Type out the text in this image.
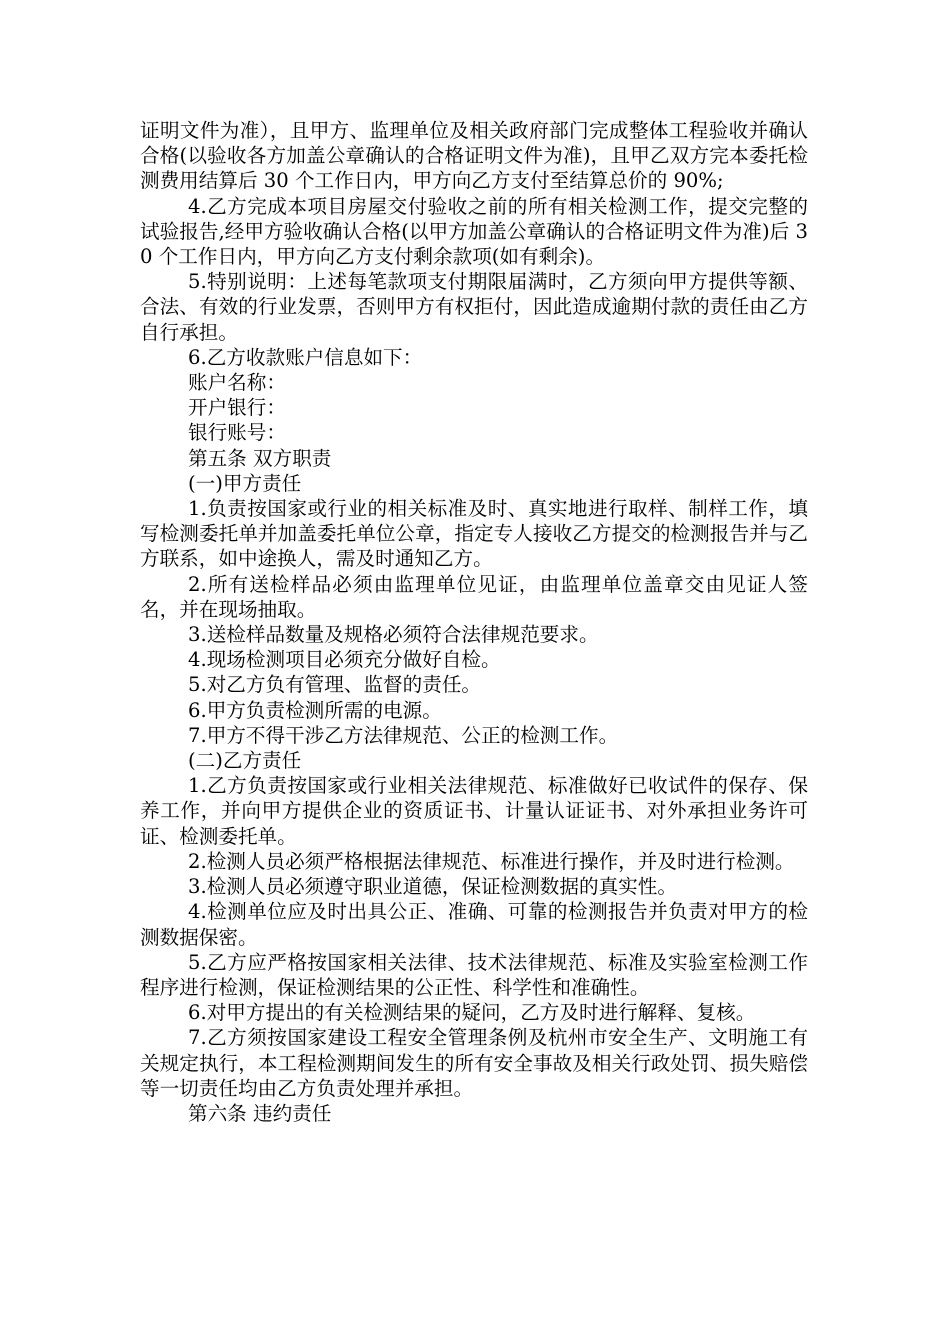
证明文件为准），且甲方、监理单位及相关政府部门完成整体工程验收并确认合格(以验收各方加盖公章确认的合格证明文件为准)，且甲乙双方完本委托检测费用结算后 30 个工作日内，甲方向乙方支付至结算总价的 90%;

4.乙方完成本项目房屋交付验收之前的所有相关检测工作，提交完整的试验报告,经甲方验收确认合格(以甲方加盖公章确认的合格证明文件为准)后 30 个工作日内，甲方向乙方支付剩余款项(如有剩余)。

5.特别说明：上述每笔款项支付期限届满时，乙方须向甲方提供等额、合法、有效的行业发票，否则甲方有权拒付，因此造成逾期付款的责任由乙方自行承担。

6.乙方收款账户信息如下：

账户名称：

开户银行：

银行账号：

第五条 双方职责

(一)甲方责任

1.负责按国家或行业的相关标准及时、真实地进行取样、制样工作，填写检测委托单并加盖委托单位公章，指定专人接收乙方提交的检测报告并与乙方联系，如中途换人，需及时通知乙方。

2.所有送检样品必须由监理单位见证，由监理单位盖章交由见证人签名，并在现场抽取。

3.送检样品数量及规格必须符合法律规范要求。

4.现场检测项目必须充分做好自检。

5.对乙方负有管理、监督的责任。

6.甲方负责检测所需的电源。

7.甲方不得干涉乙方法律规范、公正的检测工作。

(二)乙方责任

1.乙方负责按国家或行业相关法律规范、标准做好已收试件的保存、保养工作，并向甲方提供企业的资质证书、计量认证证书、对外承担业务许可证、检测委托单。

2.检测人员必须严格根据法律规范、标准进行操作，并及时进行检测。

3.检测人员必须遵守职业道德，保证检测数据的真实性。

4.检测单位应及时出具公正、准确、可靠的检测报告并负责对甲方的检测数据保密。

5.乙方应严格按国家相关法律、技术法律规范、标准及实验室检测工作程序进行检测，保证检测结果的公正性、科学性和准确性。

6.对甲方提出的有关检测结果的疑问，乙方及时进行解释、复核。

7.乙方须按国家建设工程安全管理条例及杭州市安全生产、文明施工有关规定执行，本工程检测期间发生的所有安全事故及相关行政处罚、损失赔偿等一切责任均由乙方负责处理并承担。

第六条 违约责任
